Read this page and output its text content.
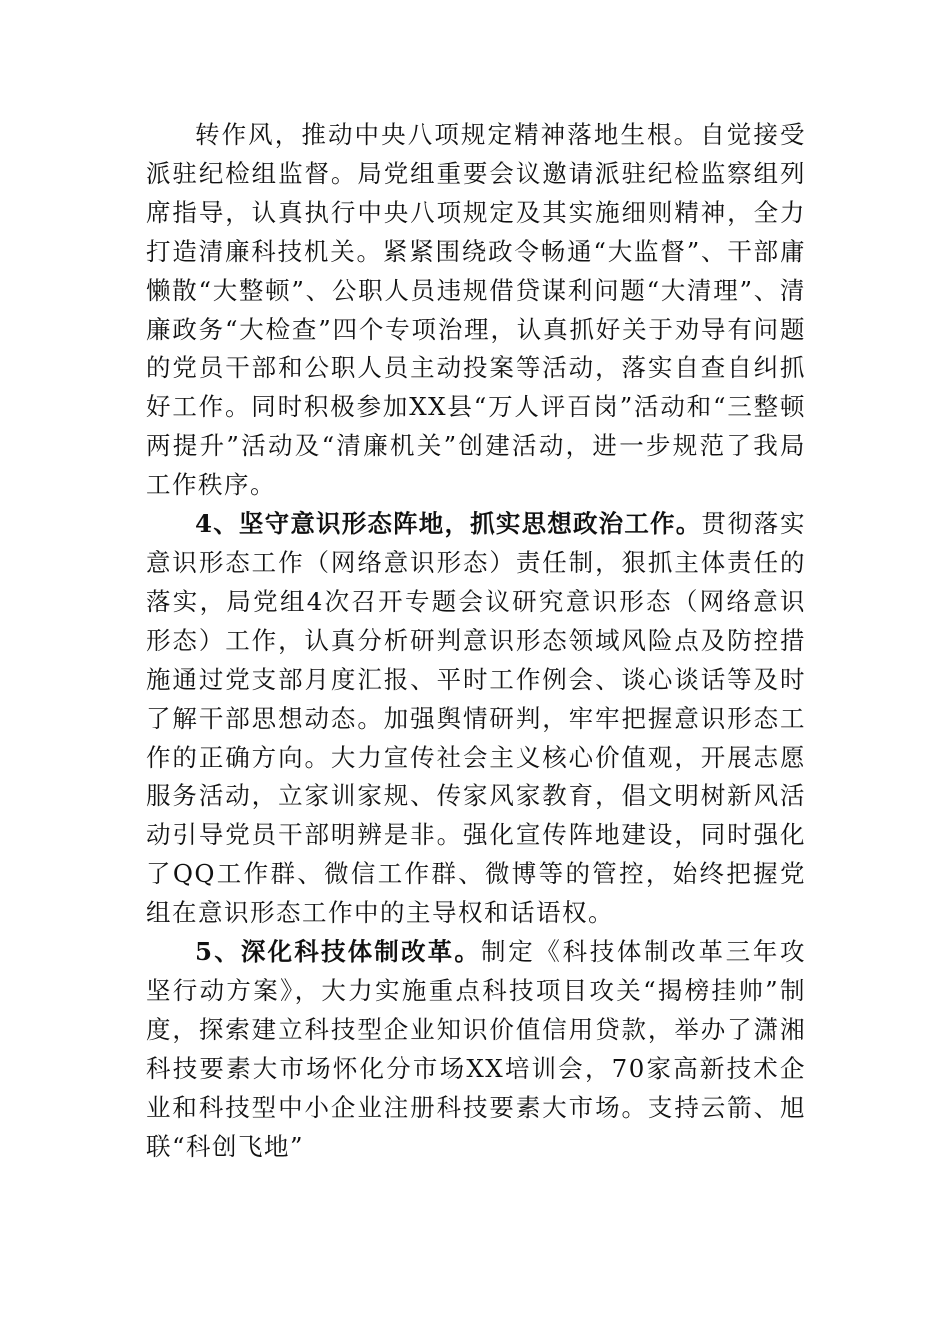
转作风，推动中央八项规定精神落地生根。自觉接受派驻纪检组监督。局党组重要会议邀请派驻纪检监察组列席指导，认真执行中央八项规定及其实施细则精神，全力打造清廉科技机关。紧紧围绕政令畅通“大监督”、干部庸懒散“大整顿”、公职人员违规借贷谋利问题“大清理”、清廉政务“大检查”四个专项治理，认真抓好关于劝导有问题的党员干部和公职人员主动投案等活动，落实自查自纠抓好工作。同时积极参加XX县“万人评百岗”活动和“三整顿两提升”活动及“清廉机关”创建活动，进一步规范了我局工作秩序。

4、坚守意识形态阵地，抓实思想政治工作。贯彻落实意识形态工作（网络意识形态）责任制，狠抓主体责任的落实，局党组4次召开专题会议研究意识形态（网络意识形态）工作，认真分析研判意识形态领域风险点及防控措施通过党支部月度汇报、平时工作例会、谈心谈话等及时了解干部思想动态。加强舆情研判，牢牢把握意识形态工作的正确方向。大力宣传社会主义核心价值观，开展志愿服务活动，立家训家规、传家风家教育，倡文明树新风活动引导党员干部明辨是非。强化宣传阵地建设，同时强化了QQ工作群、微信工作群、微博等的管控，始终把握党组在意识形态工作中的主导权和话语权。

5、深化科技体制改革。制定《科技体制改革三年攻坚行动方案》，大力实施重点科技项目攻关“揭榜挂帅”制度，探索建立科技型企业知识价值信用贷款，举办了潇湘科技要素大市场怀化分市场XX培训会，70家高新技术企业和科技型中小企业注册科技要素大市场。支持云箭、旭联“科创飞地”
